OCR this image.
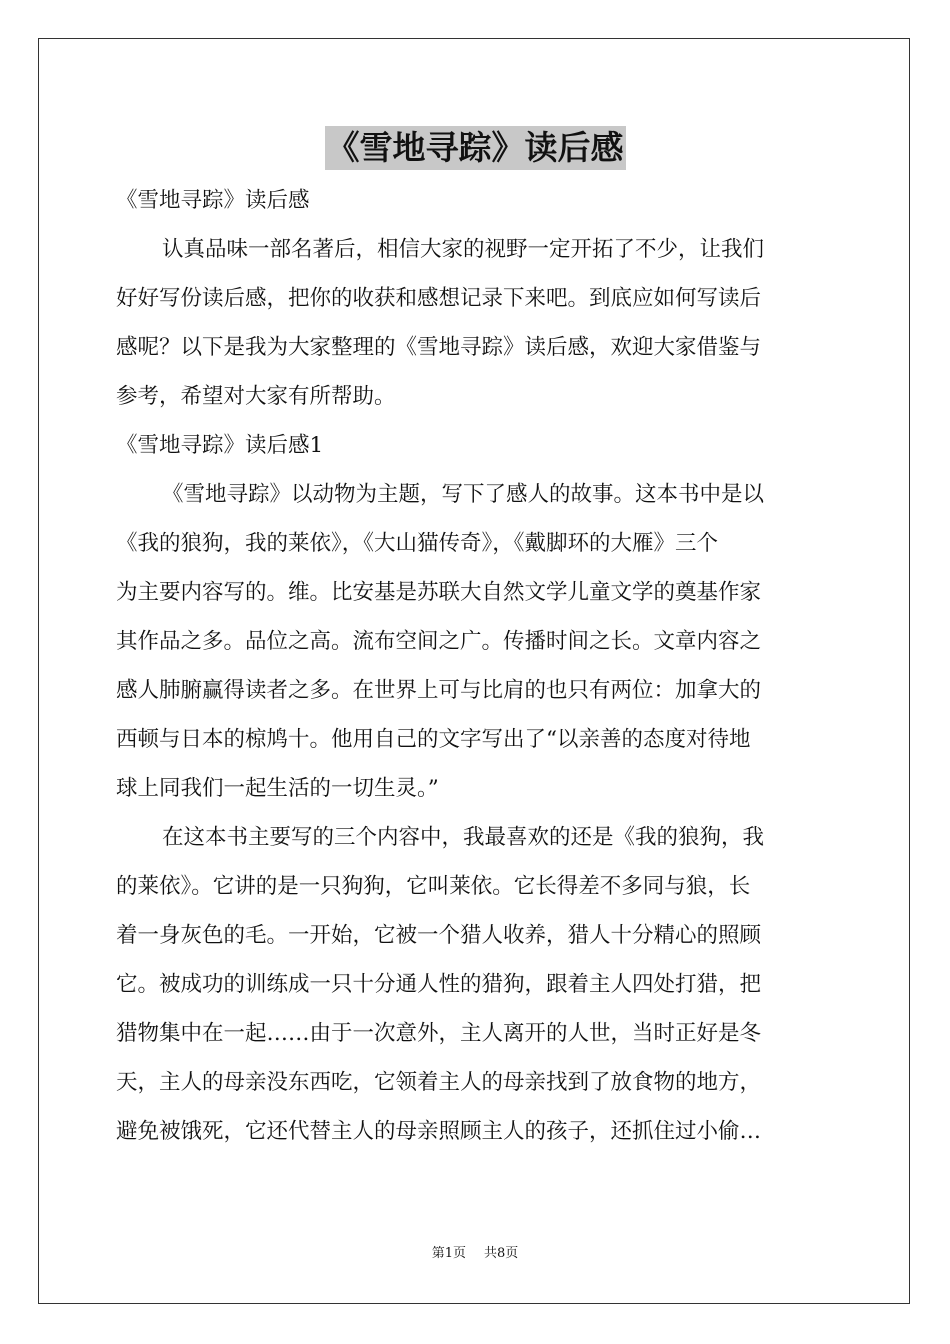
《雪地寻踪》读后感
《雪地寻踪》读后感
认真品味一部名著后，相信大家的视野一定开拓了不少，让我们
好好写份读后感，把你的收获和感想记录下来吧。到底应如何写读后
感呢？以下是我为大家整理的《雪地寻踪》读后感，欢迎大家借鉴与
参考，希望对大家有所帮助。
《雪地寻踪》读后感1
《雪地寻踪》以动物为主题，写下了感人的故事。这本书中是以
《我的狼狗，我的莱依》，《大山猫传奇》，《戴脚环的大雁》三个
为主要内容写的。维。比安基是苏联大自然文学儿童文学的奠基作家
其作品之多。品位之高。流布空间之广。传播时间之长。文章内容之
感人肺腑赢得读者之多。在世界上可与比肩的也只有两位：加拿大的
西顿与日本的椋鸠十。他用自己的文字写出了“以亲善的态度对待地
球上同我们一起生活的一切生灵。”
在这本书主要写的三个内容中，我最喜欢的还是《我的狼狗，我
的莱依》。它讲的是一只狗狗，它叫莱依。它长得差不多同与狼，长
着一身灰色的毛。一开始，它被一个猎人收养，猎人十分精心的照顾
它。被成功的训练成一只十分通人性的猎狗，跟着主人四处打猎，把
猎物集中在一起……由于一次意外，主人离开的人世，当时正好是冬
天，主人的母亲没东西吃，它领着主人的母亲找到了放食物的地方，
避免被饿死，它还代替主人的母亲照顾主人的孩子，还抓住过小偷…
第1页 共8页
